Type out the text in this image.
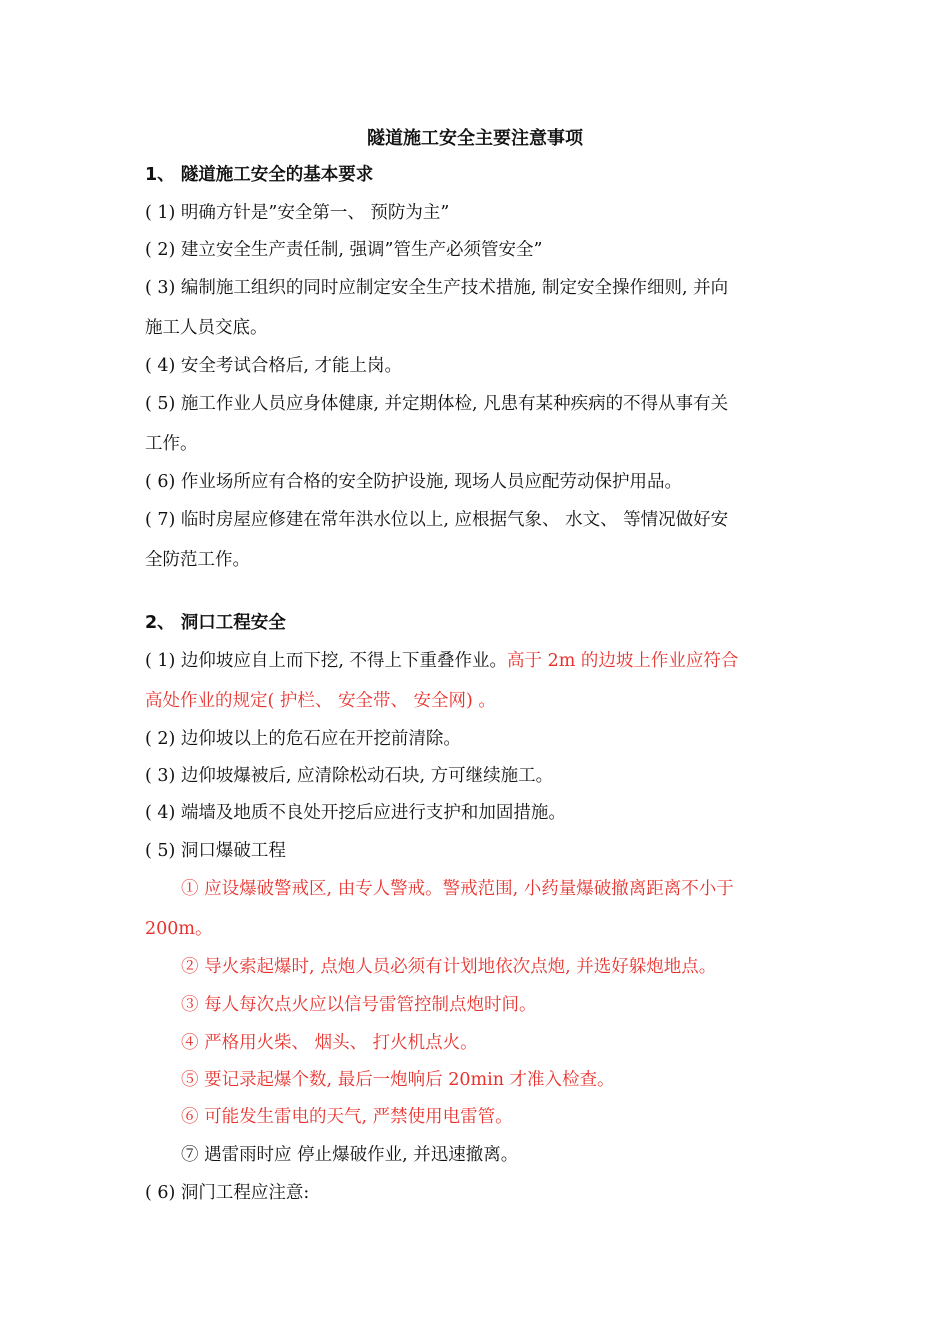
隧道施工安全主要注意事项
1、 隧道施工安全的基本要求
( 1) 明确方针是”安全第一、 预防为主”
( 2) 建立安全生产责任制, 强调”管生产必须管安全”
( 3) 编制施工组织的同时应制定安全生产技术措施, 制定安全操作细则, 并向
施工人员交底。
( 4) 安全考试合格后, 才能上岗。
( 5) 施工作业人员应身体健康, 并定期体检, 凡患有某种疾病的不得从事有关
工作。
( 6) 作业场所应有合格的安全防护设施, 现场人员应配劳动保护用品。
( 7) 临时房屋应修建在常年洪水位以上, 应根据气象、 水文、 等情况做好安
全防范工作。
2、 洞口工程安全
( 1) 边仰坡应自上而下挖, 不得上下重叠作业。高于 2m 的边坡上作业应符合
高处作业的规定( 护栏、 安全带、 安全网) 。
( 2) 边仰坡以上的危石应在开挖前清除。
( 3) 边仰坡爆被后, 应清除松动石块, 方可继续施工。
( 4) 端墙及地质不良处开挖后应进行支护和加固措施。
( 5) 洞口爆破工程
① 应设爆破警戒区, 由专人警戒。警戒范围, 小药量爆破撤离距离不小于
200m。
② 导火索起爆时, 点炮人员必须有计划地依次点炮, 并选好躲炮地点。
③ 每人每次点火应以信号雷管控制点炮时间。
④ 严格用火柴、 烟头、 打火机点火。
⑤ 要记录起爆个数, 最后一炮响后 20min 才准入检查。
⑥ 可能发生雷电的天气, 严禁使用电雷管。
⑦ 遇雷雨时应 停止爆破作业, 并迅速撤离。
( 6) 洞门工程应注意:
